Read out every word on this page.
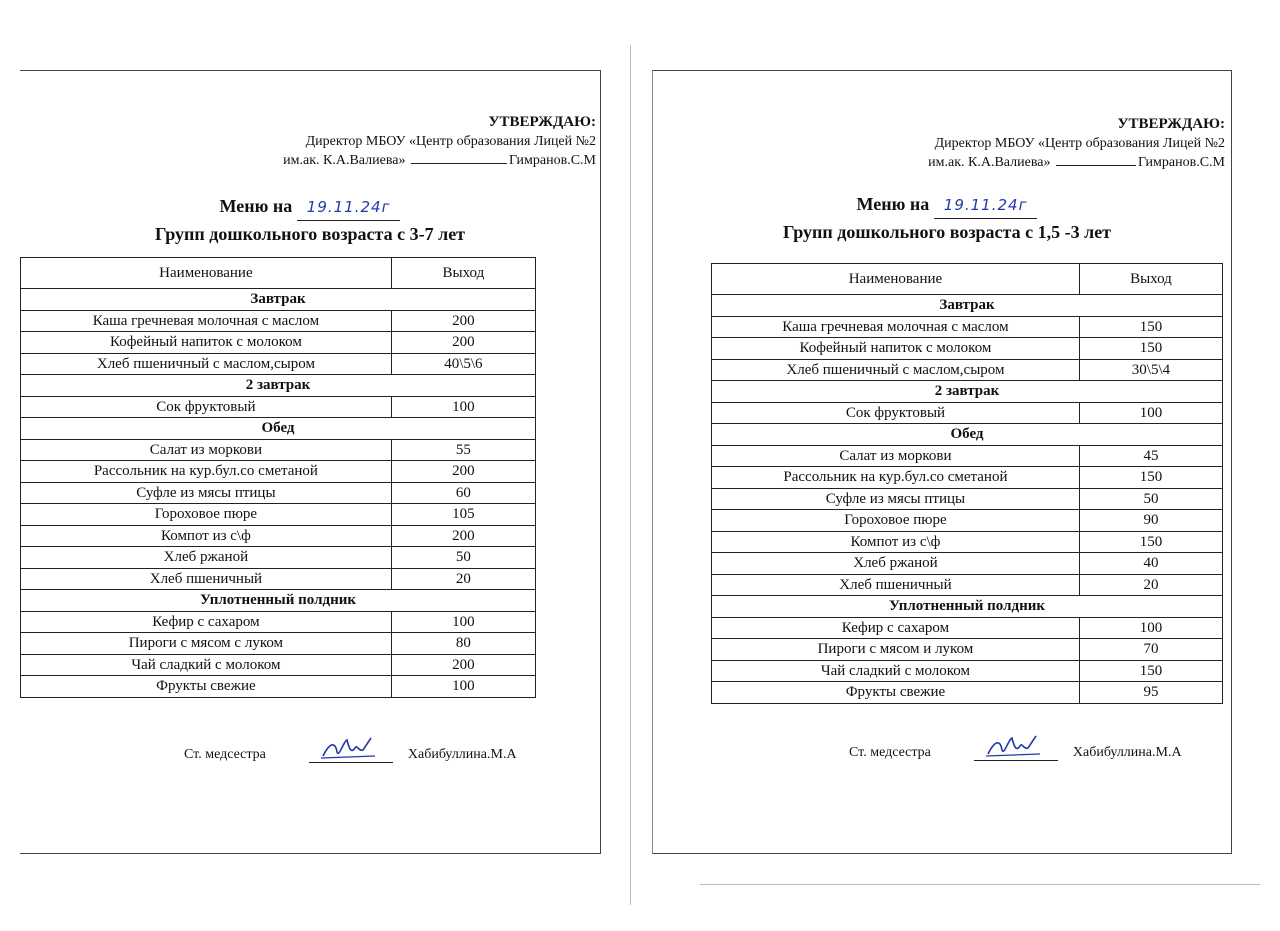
УТВЕРЖДАЮ:
Директор МБОУ «Центр образования Лицей №2
им.ак. К.А.Валиева»	Гимранов.С.М
Меню на 19.11.24г
Групп дошкольного возраста с 3-7 лет
Наименование	Выход
Завтрак	
Каша гречневая молочная с маслом	200
Кофейный напиток с молоком	200
Хлеб пшеничный с маслом,сыром	40\5\6
2 завтрак	
Сок фруктовый	100
Обед	
Салат из моркови	55
Рассольник на кур.бул.со сметаной	200
Суфле из мясы птицы	60
Гороховое пюре	105
Компот из с\ф	200
Хлеб ржаной	50
Хлеб пшеничный	20
Уплотненный полдник	
Кефир с сахаром	100
Пироги с мясом с луком	80
Чай сладкий с молоком	200
Фрукты свежие	100
Ст. медсестра	Хабибуллина.М.А
УТВЕРЖДАЮ:
Директор МБОУ «Центр образования Лицей №2
им.ак. К.А.Валиева»	Гимранов.С.М
Меню на 19.11.24г
Групп дошкольного возраста с 1,5 -3 лет
Наименование	Выход
Завтрак	
Каша гречневая молочная с маслом	150
Кофейный напиток с молоком	150
Хлеб пшеничный с маслом,сыром	30\5\4
2 завтрак	
Сок фруктовый	100
Обед	
Салат из моркови	45
Рассольник на кур.бул.со сметаной	150
Суфле из мясы птицы	50
Гороховое пюре	90
Компот из с\ф	150
Хлеб ржаной	40
Хлеб пшеничный	20
Уплотненный полдник	
Кефир с сахаром	100
Пироги с мясом и луком	70
Чай сладкий с молоком	150
Фрукты свежие	95
Ст. медсестра	Хабибуллина.М.А
